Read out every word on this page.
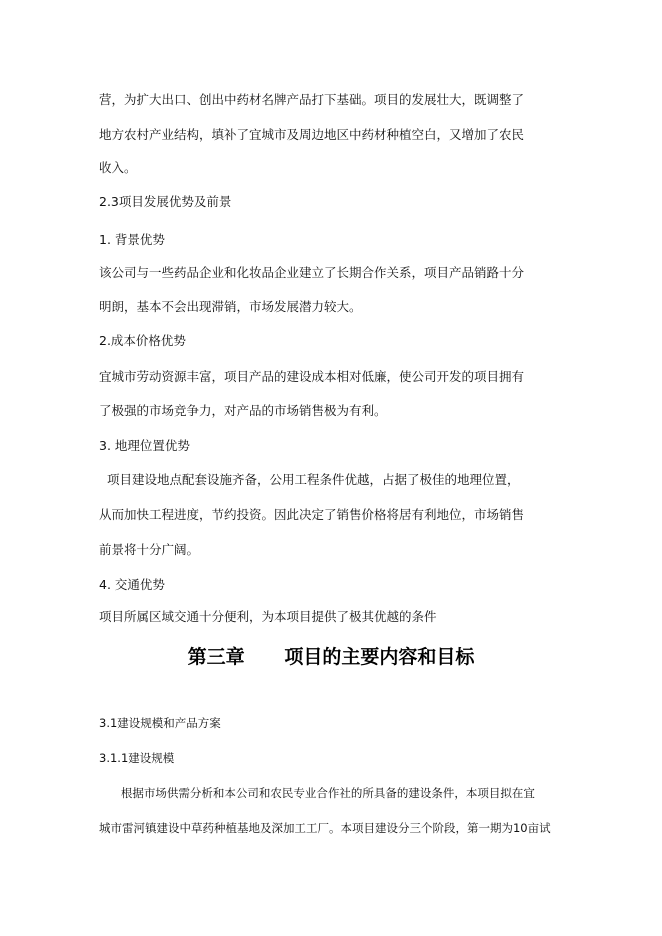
营，为扩大出口、创出中药材名牌产品打下基础。项目的发展壮大，既调整了

地方农村产业结构，填补了宜城市及周边地区中药材种植空白，又增加了农民

收入。

2.3项目发展优势及前景

1. 背景优势

该公司与一些药品企业和化妆品企业建立了长期合作关系，项目产品销路十分

明朗，基本不会出现滞销，市场发展潜力较大。

2.成本价格优势

宜城市劳动资源丰富，项目产品的建设成本相对低廉，使公司开发的项目拥有

了极强的市场竞争力，对产品的市场销售极为有利。

3. 地理位置优势

项目建设地点配套设施齐备，公用工程条件优越，占据了极佳的地理位置，

从而加快工程进度，节约投资。因此决定了销售价格将居有利地位，市场销售

前景将十分广阔。

4. 交通优势

项目所属区域交通十分便利，为本项目提供了极其优越的条件

第三章      项目的主要内容和目标

3.1建设规模和产品方案

3.1.1建设规模

根据市场供需分析和本公司和农民专业合作社的所具备的建设条件，本项目拟在宜

城市雷河镇建设中草药种植基地及深加工工厂。本项目建设分三个阶段，第一期为10亩试
